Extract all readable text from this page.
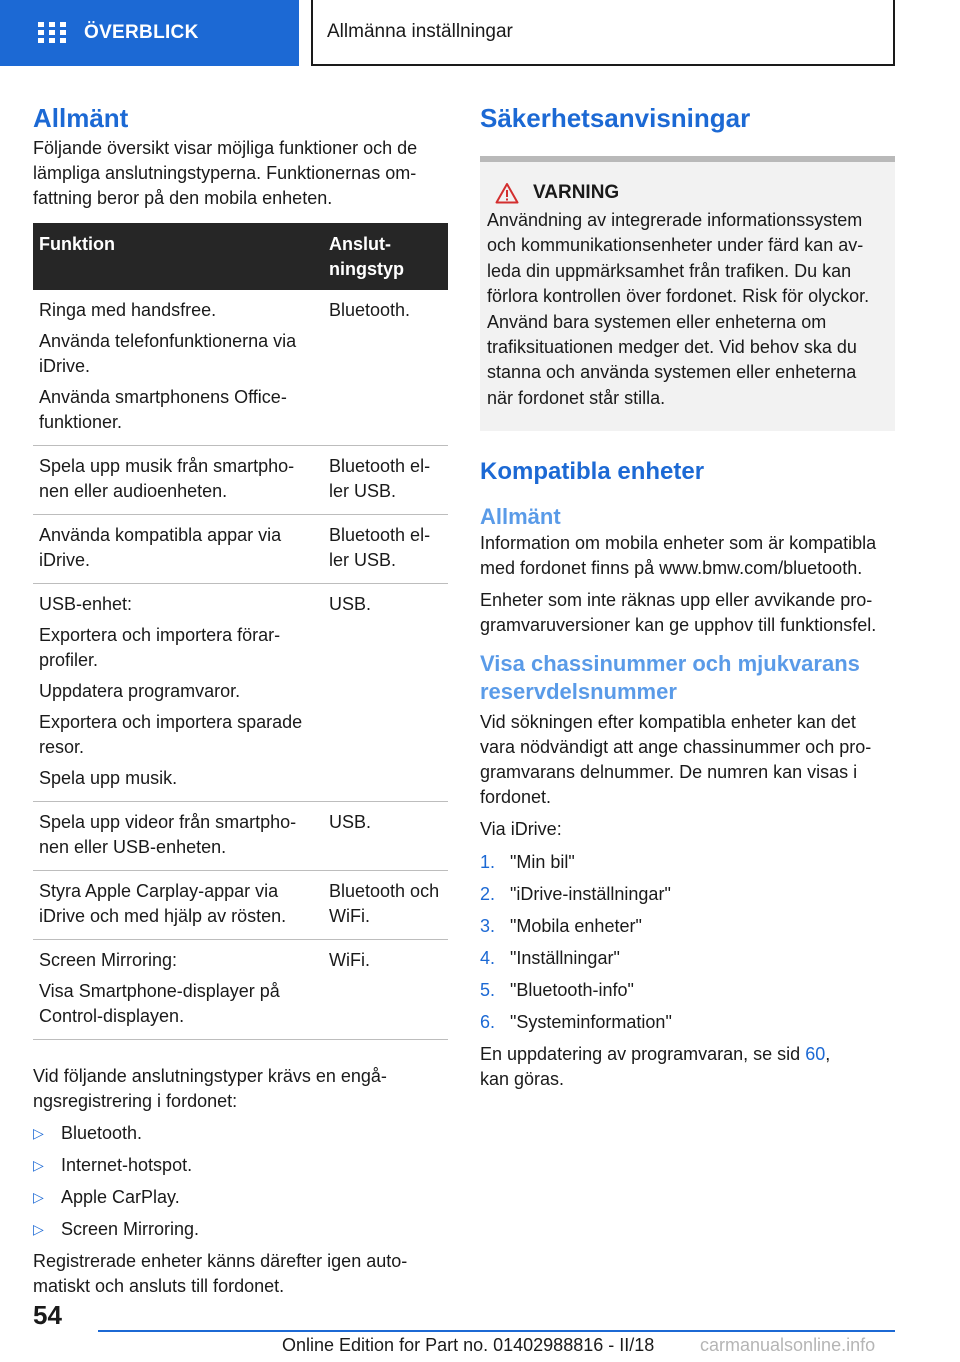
ÖVERBLICK	Allmänna inställningar
Allmänt

Följande översikt visar möjliga funktioner och de lämpliga anslutningstyperna. Funktionernas omfattning beror på den mobila enheten.

Funktion	Anslutningstyp

Ringa med handsfree.
Använda telefonfunktionerna via iDrive.
Använda smartphonens Office-funktioner.	Bluetooth.

Spela upp musik från smartphonen eller audioenheten.	Bluetooth eller USB.

Använda kompatibla appar via iDrive.	Bluetooth eller USB.

USB-enhet:
Exportera och importera förarprofiler.
Uppdatera programvaror.
Exportera och importera sparade resor.
Spela upp musik.	USB.

Spela upp videor från smartphonen eller USB-enheten.	USB.

Styra Apple Carplay-appar via iDrive och med hjälp av rösten.	Bluetooth och WiFi.

Screen Mirroring:
Visa Smartphone-displayer på Control-displayen.	WiFi.

Vid följande anslutningstyper krävs en engångsregistrering i fordonet:

▷ Bluetooth.
▷ Internet-hotspot.
▷ Apple CarPlay.
▷ Screen Mirroring.

Registrerade enheter känns därefter igen automatiskt och ansluts till fordonet.

Säkerhetsanvisningar
VARNING

Användning av integrerade informationssystem och kommunikationsenheter under färd kan avleda din uppmärksamhet från trafiken. Du kan förlora kontrollen över fordonet. Risk för olyckor. Använd bara systemen eller enheterna om trafiksituationen medger det. Vid behov ska du stanna och använda systemen eller enheterna när fordonet står stilla.

Kompatibla enheter
Allmänt

Information om mobila enheter som är kompatibla med fordonet finns på www.bmw.com/bluetooth.

Enheter som inte räknas upp eller avvikande programvaruversioner kan ge upphov till funktionsfel.

Visa chassinummer och mjukvarans reservdelsnummer

Vid sökningen efter kompatibla enheter kan det vara nödvändigt att ange chassinummer och programvarans delnummer. De numren kan visas i fordonet.

Via iDrive:

1. "Min bil"
2. "iDrive-inställningar"
3. "Mobila enheter"
4. "Inställningar"
5. "Bluetooth-info"
6. "Systeminformation"

En uppdatering av programvaran, se sid 60,
kan göras.

54
Online Edition for Part no. 01402988816 - II/18	carmanualsonline.info
